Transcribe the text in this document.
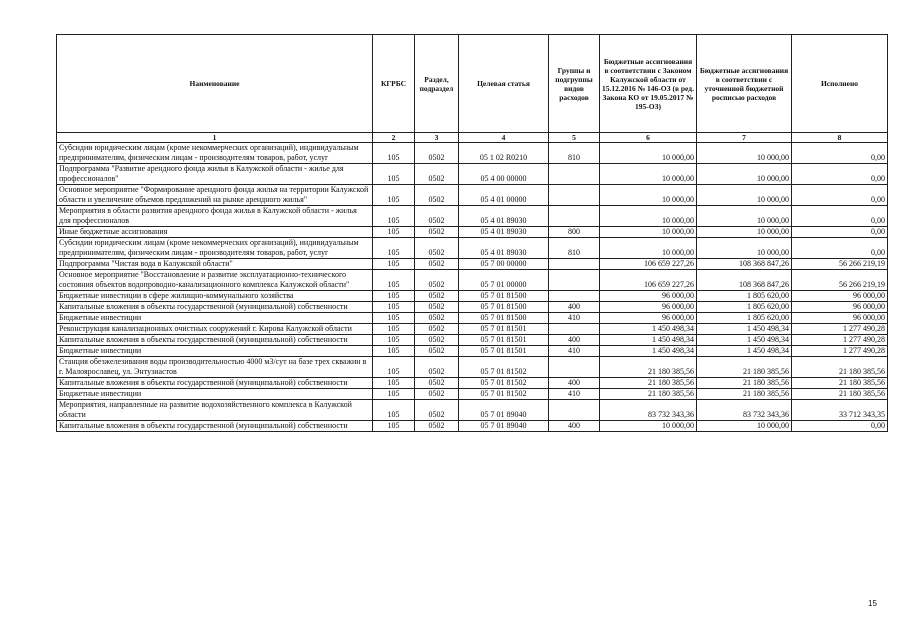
Наименование	КГРБС	Раздел, подраздел	Целевая статья	Группы и подгруппы видов расходов	Бюджетные ассигнования в соответствии с Законом Калужской области от 15.12.2016 № 146-ОЗ (в ред. Закона КО от 19.05.2017 № 195-ОЗ)	Бюджетные ассигнования в соответствии с уточненной бюджетной росписью расходов	Исполнено
1	2	3	4	5	6	7	8
Субсидии юридическим лицам (кроме некоммерческих организаций), индивидуальным предпринимателям, физическим лицам - производителям товаров, работ, услуг	105	0502	05 1 02 R0210	810	10 000,00	10 000,00	0,00
Подпрограмма "Развитие арендного фонда жилья в Калужской области - жилье для профессионалов"	105	0502	05 4 00 00000		10 000,00	10 000,00	0,00
Основное мероприятие "Формирование арендного фонда жилья на территории Калужской области и увеличение объемов предложений на рынке арендного жилья"	105	0502	05 4 01 00000		10 000,00	10 000,00	0,00
Мероприятия в области развития арендного фонда жилья в Калужской области - жилья для профессионалов	105	0502	05 4 01 89030		10 000,00	10 000,00	0,00
Иные бюджетные ассигнования	105	0502	05 4 01 89030	800	10 000,00	10 000,00	0,00
Субсидии юридическим лицам (кроме некоммерческих организаций), индивидуальным предпринимателям, физическим лицам - производителям товаров, работ, услуг	105	0502	05 4 01 89030	810	10 000,00	10 000,00	0,00
Подпрограмма "Чистая вода в Калужской области"	105	0502	05 7 00 00000		106 659 227,26	108 368 847,26	56 266 219,19
Основное мероприятие "Восстановление и развитие эксплуатационно-технического состояния объектов водопроводно-канализационного комплекса Калужской области"	105	0502	05 7 01 00000		106 659 227,26	108 368 847,26	56 266 219,19
Бюджетные инвестиции в сфере жилищно-коммунального хозяйства	105	0502	05 7 01 81500		96 000,00	1 805 620,00	96 000,00
Капитальные вложения в объекты государственной (муниципальной) собственности	105	0502	05 7 01 81500	400	96 000,00	1 805 620,00	96 000,00
Бюджетные инвестиции	105	0502	05 7 01 81500	410	96 000,00	1 805 620,00	96 000,00
Реконструкция канализационных очистных сооружений г. Кирова Калужской области	105	0502	05 7 01 81501		1 450 498,34	1 450 498,34	1 277 490,28
Капитальные вложения в объекты государственной (муниципальной) собственности	105	0502	05 7 01 81501	400	1 450 498,34	1 450 498,34	1 277 490,28
Бюджетные инвестиции	105	0502	05 7 01 81501	410	1 450 498,34	1 450 498,34	1 277 490,28
Станция обезжелезивания воды производительностью 4000 м3/сут на базе трех скважин в г. Малоярославец, ул. Энтузиастов	105	0502	05 7 01 81502		21 180 385,56	21 180 385,56	21 180 385,56
Капитальные вложения в объекты государственной (муниципальной) собственности	105	0502	05 7 01 81502	400	21 180 385,56	21 180 385,56	21 180 385,56
Бюджетные инвестиции	105	0502	05 7 01 81502	410	21 180 385,56	21 180 385,56	21 180 385,56
Мероприятия, направленные на развитие водохозяйственного комплекса в Калужской области	105	0502	05 7 01 89040		83 732 343,36	83 732 343,36	33 712 343,35
Капитальные вложения в объекты государственной (муниципальной) собственности	105	0502	05 7 01 89040	400	10 000,00	10 000,00	0,00
15
